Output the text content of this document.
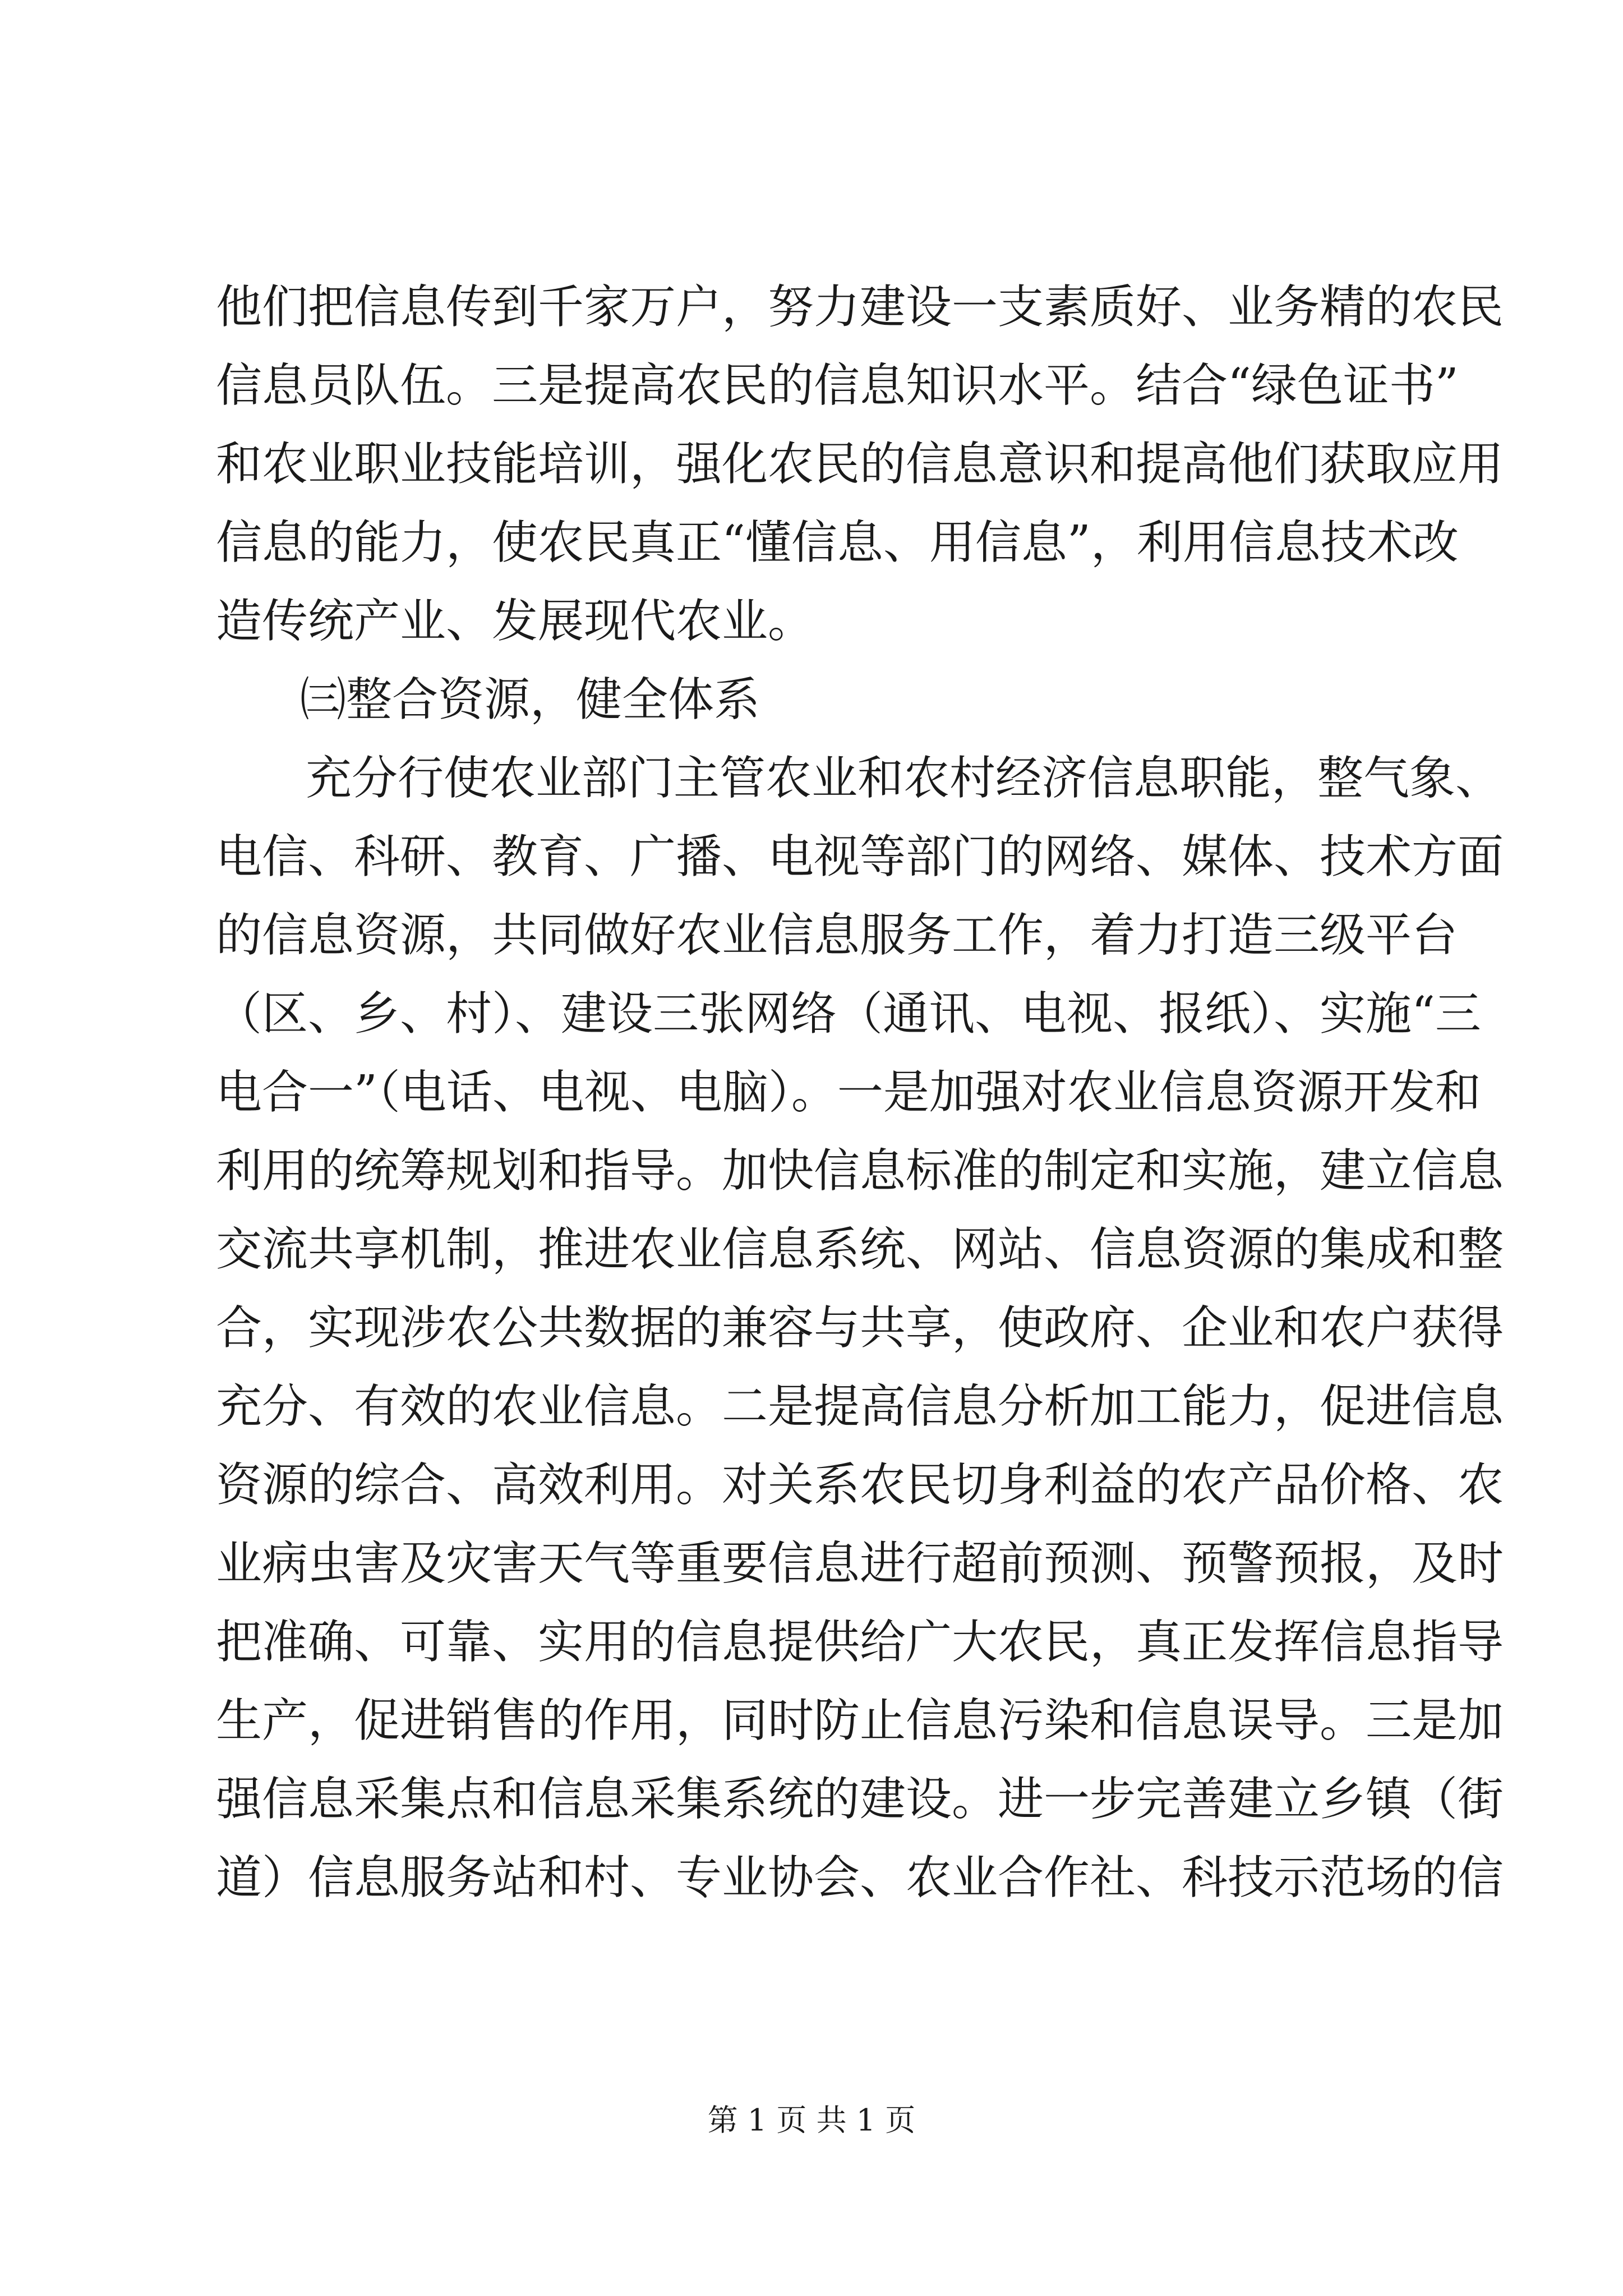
他们把信息传到千家万户，努力建设一支素质好、业务精的农民
信息员队伍。三是提高农民的信息知识水平。结合“绿色证书”
和农业职业技能培训，强化农民的信息意识和提高他们获取应用
信息的能力，使农民真正“懂信息、用信息”，利用信息技术改
造传统产业、发展现代农业。
㈢整合资源，健全体系
充分行使农业部门主管农业和农村经济信息职能，整气象、
电信、科研、教育、广播、电视等部门的网络、媒体、技术方面
的信息资源，共同做好农业信息服务工作，着力打造三级平台
（区、乡、村）、建设三张网络（通讯、电视、报纸）、实施“三
电合一”（电话、电视、电脑）。一是加强对农业信息资源开发和
利用的统筹规划和指导。加快信息标准的制定和实施，建立信息
交流共享机制，推进农业信息系统、网站、信息资源的集成和整
合，实现涉农公共数据的兼容与共享，使政府、企业和农户获得
充分、有效的农业信息。二是提高信息分析加工能力，促进信息
资源的综合、高效利用。对关系农民切身利益的农产品价格、农
业病虫害及灾害天气等重要信息进行超前预测、预警预报，及时
把准确、可靠、实用的信息提供给广大农民，真正发挥信息指导
生产，促进销售的作用，同时防止信息污染和信息误导。三是加
强信息采集点和信息采集系统的建设。进一步完善建立乡镇（街
道）信息服务站和村、专业协会、农业合作社、科技示范场的信
第 1 页 共 1 页
